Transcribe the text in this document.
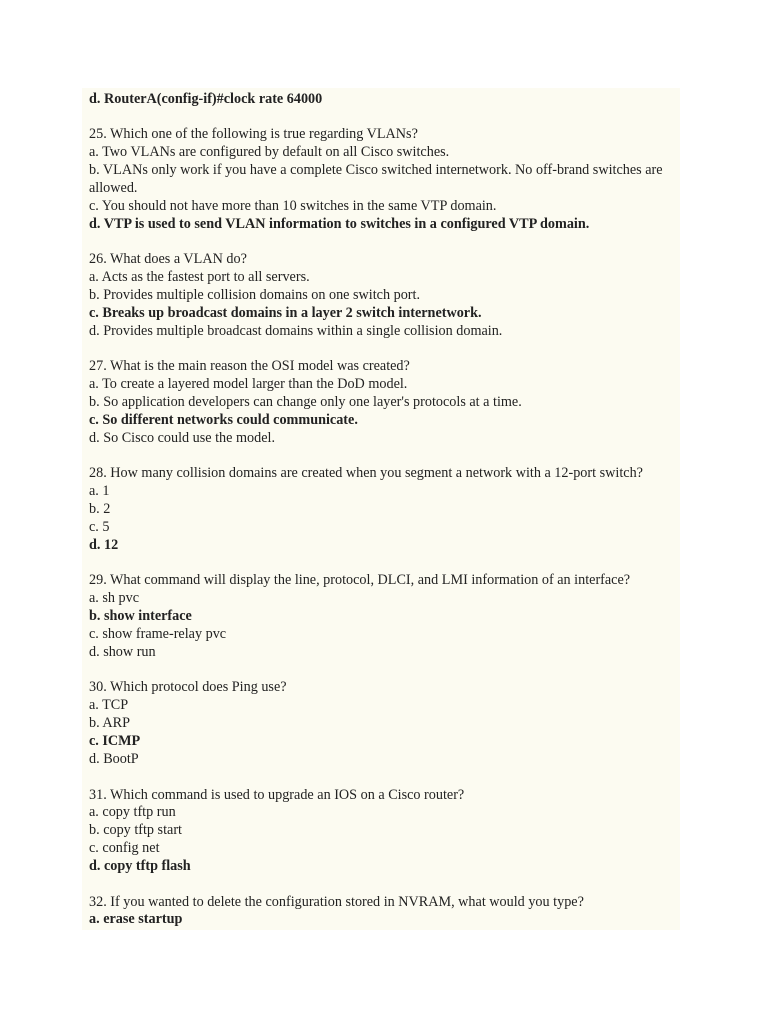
d. RouterA(config-if)#clock rate 64000
25. Which one of the following is true regarding VLANs?
a. Two VLANs are configured by default on all Cisco switches.
b. VLANs only work if you have a complete Cisco switched internetwork. No off-brand switches are allowed.
c. You should not have more than 10 switches in the same VTP domain.
d. VTP is used to send VLAN information to switches in a configured VTP domain.
26. What does a VLAN do?
a. Acts as the fastest port to all servers.
b. Provides multiple collision domains on one switch port.
c. Breaks up broadcast domains in a layer 2 switch internetwork.
d. Provides multiple broadcast domains within a single collision domain.
27. What is the main reason the OSI model was created?
a. To create a layered model larger than the DoD model.
b. So application developers can change only one layer's protocols at a time.
c. So different networks could communicate.
d. So Cisco could use the model.
28. How many collision domains are created when you segment a network with a 12-port switch?
a. 1
b. 2
c. 5
d. 12
29. What command will display the line, protocol, DLCI, and LMI information of an interface?
a. sh pvc
b. show interface
c. show frame-relay pvc
d. show run
30. Which protocol does Ping use?
a. TCP
b. ARP
c. ICMP
d. BootP
31. Which command is used to upgrade an IOS on a Cisco router?
a. copy tftp run
b. copy tftp start
c. config net
d. copy tftp flash
32. If you wanted to delete the configuration stored in NVRAM, what would you type?
a. erase startup
